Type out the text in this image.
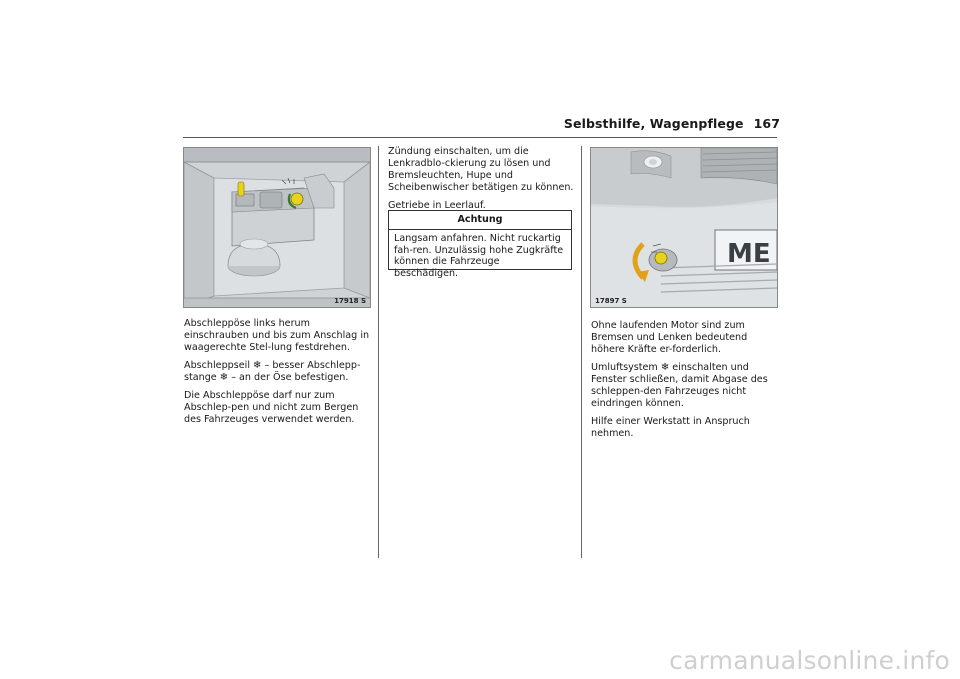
Selbsthilfe, Wagenpflege 167
17918 S
ME
17897 S

Abschleppöse links herum einschrauben und bis zum Anschlag in waagerechte Stel-lung festdrehen.

Abschleppseil ❄ – besser Abschlepp-stange ❄ – an der Öse befestigen.

Die Abschleppöse darf nur zum Abschlep-pen und nicht zum Bergen des Fahrzeuges verwendet werden.

Zündung einschalten, um die Lenkradblo-ckierung zu lösen und Bremsleuchten, Hupe und Scheibenwischer betätigen zu können.

Getriebe in Leerlauf.

Achtung
Langsam anfahren. Nicht ruckartig fah-ren. Unzulässig hohe Zugkräfte können die Fahrzeuge beschädigen.

Ohne laufenden Motor sind zum Bremsen und Lenken bedeutend höhere Kräfte er-forderlich.

Umluftsystem ❄ einschalten und Fenster schließen, damit Abgase des schleppen-den Fahrzeuges nicht eindringen können.

Hilfe einer Werkstatt in Anspruch nehmen.

carmanualsonline.info
